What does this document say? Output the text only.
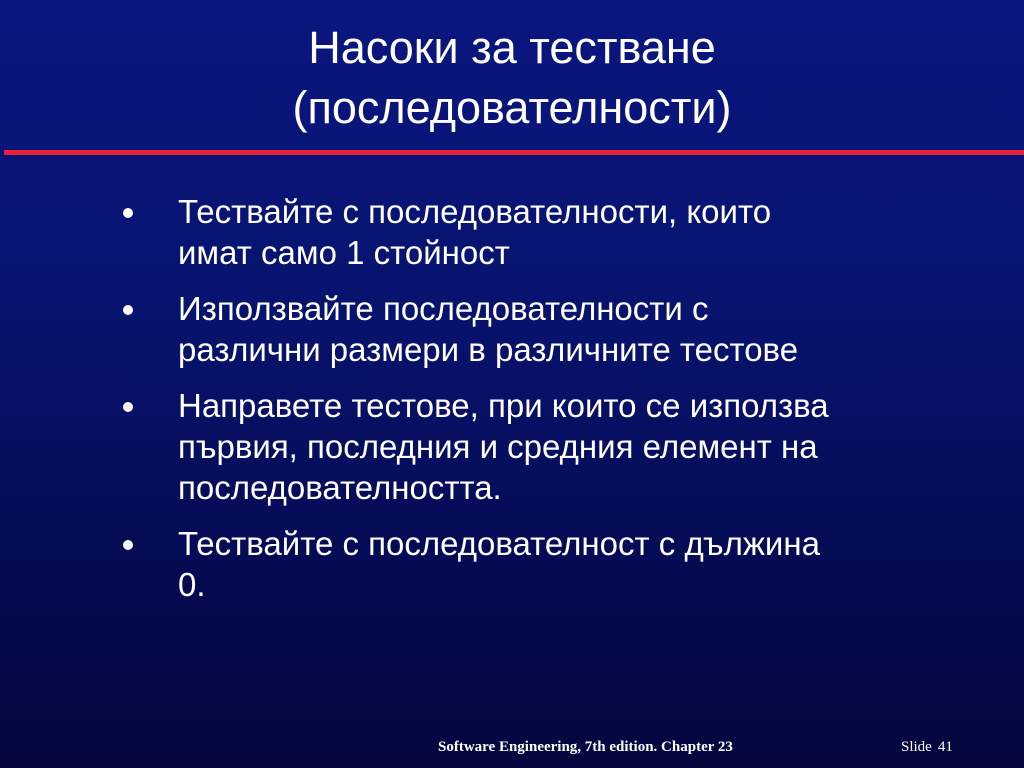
Насоки за тестване
(последователности)
Тествайте с последователности, които
имат само 1 стойност
Използвайте последователности с
различни размери в различните тестове
Направете тестове, при които се използва
първия, последния и средния елемент на
последователността.
Тествайте с последователност с дължина
0.
Software Engineering, 7th edition. Chapter 23	Slide 41
